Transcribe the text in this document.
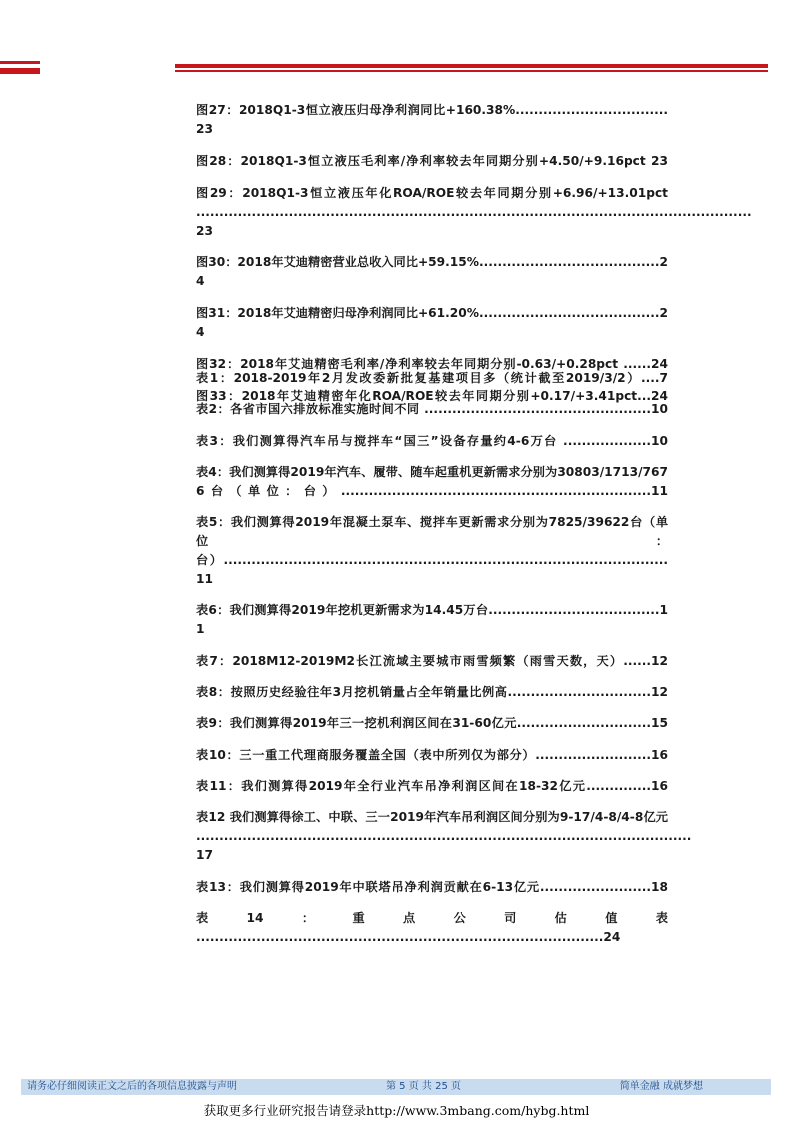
图27：2018Q1-3恒立液压归母净利润同比+160.38%.................................23
图28：2018Q1-3恒立液压毛利率/净利率较去年同期分别+4.50/+9.16pct 23
图29：2018Q1-3恒立液压年化ROA/ROE较去年同期分别+6.96/+13.01pct ........................................................................................................................23
图30：2018年艾迪精密营业总收入同比+59.15%.......................................24
图31：2018年艾迪精密归母净利润同比+61.20%.......................................24
图32：2018年艾迪精密毛利率/净利率较去年同期分别-0.63/+0.28pct ......24
图33：2018年艾迪精密年化ROA/ROE较去年同期分别+0.17/+3.41pct...24
表1：2018-2019年2月发改委新批复基建项目多（统计截至2019/3/2）....7
表2：各省市国六排放标准实施时间不同 .................................................10
表3：我们测算得汽车吊与搅拌车“国三”设备存量约4-6万台 ...................10
表4：我们测算得2019年汽车、履带、随车起重机更新需求分别为30803/1713/7676台（单位：台）...................................................................11
表5：我们测算得2019年混凝土泵车、搅拌车更新需求分别为7825/39622台（单位：台）................................................................................................11
表6：我们测算得2019年挖机更新需求为14.45万台.....................................11
表7：2018M12-2019M2长江流域主要城市雨雪频繁（雨雪天数，天）......12
表8：按照历史经验往年3月挖机销量占全年销量比例高...............................12
表9：我们测算得2019年三一挖机利润区间在31-60亿元.............................15
表10：三一重工代理商服务覆盖全国（表中所列仅为部分）.........................16
表11：我们测算得2019年全行业汽车吊净利润区间在18-32亿元..............16
表12 我们测算得徐工、中联、三一2019年汽车吊利润区间分别为9-17/4-8/4-8亿元 ...........................................................................................................17
表13：我们测算得2019年中联塔吊净利润贡献在6-13亿元........................18
表14：重点公司估值表 ........................................................................................24
请务必仔细阅读正文之后的各项信息披露与声明	第 5 页 共 25 页	简单金融 成就梦想
获取更多行业研究报告请登录http://www.3mbang.com/hybg.html
